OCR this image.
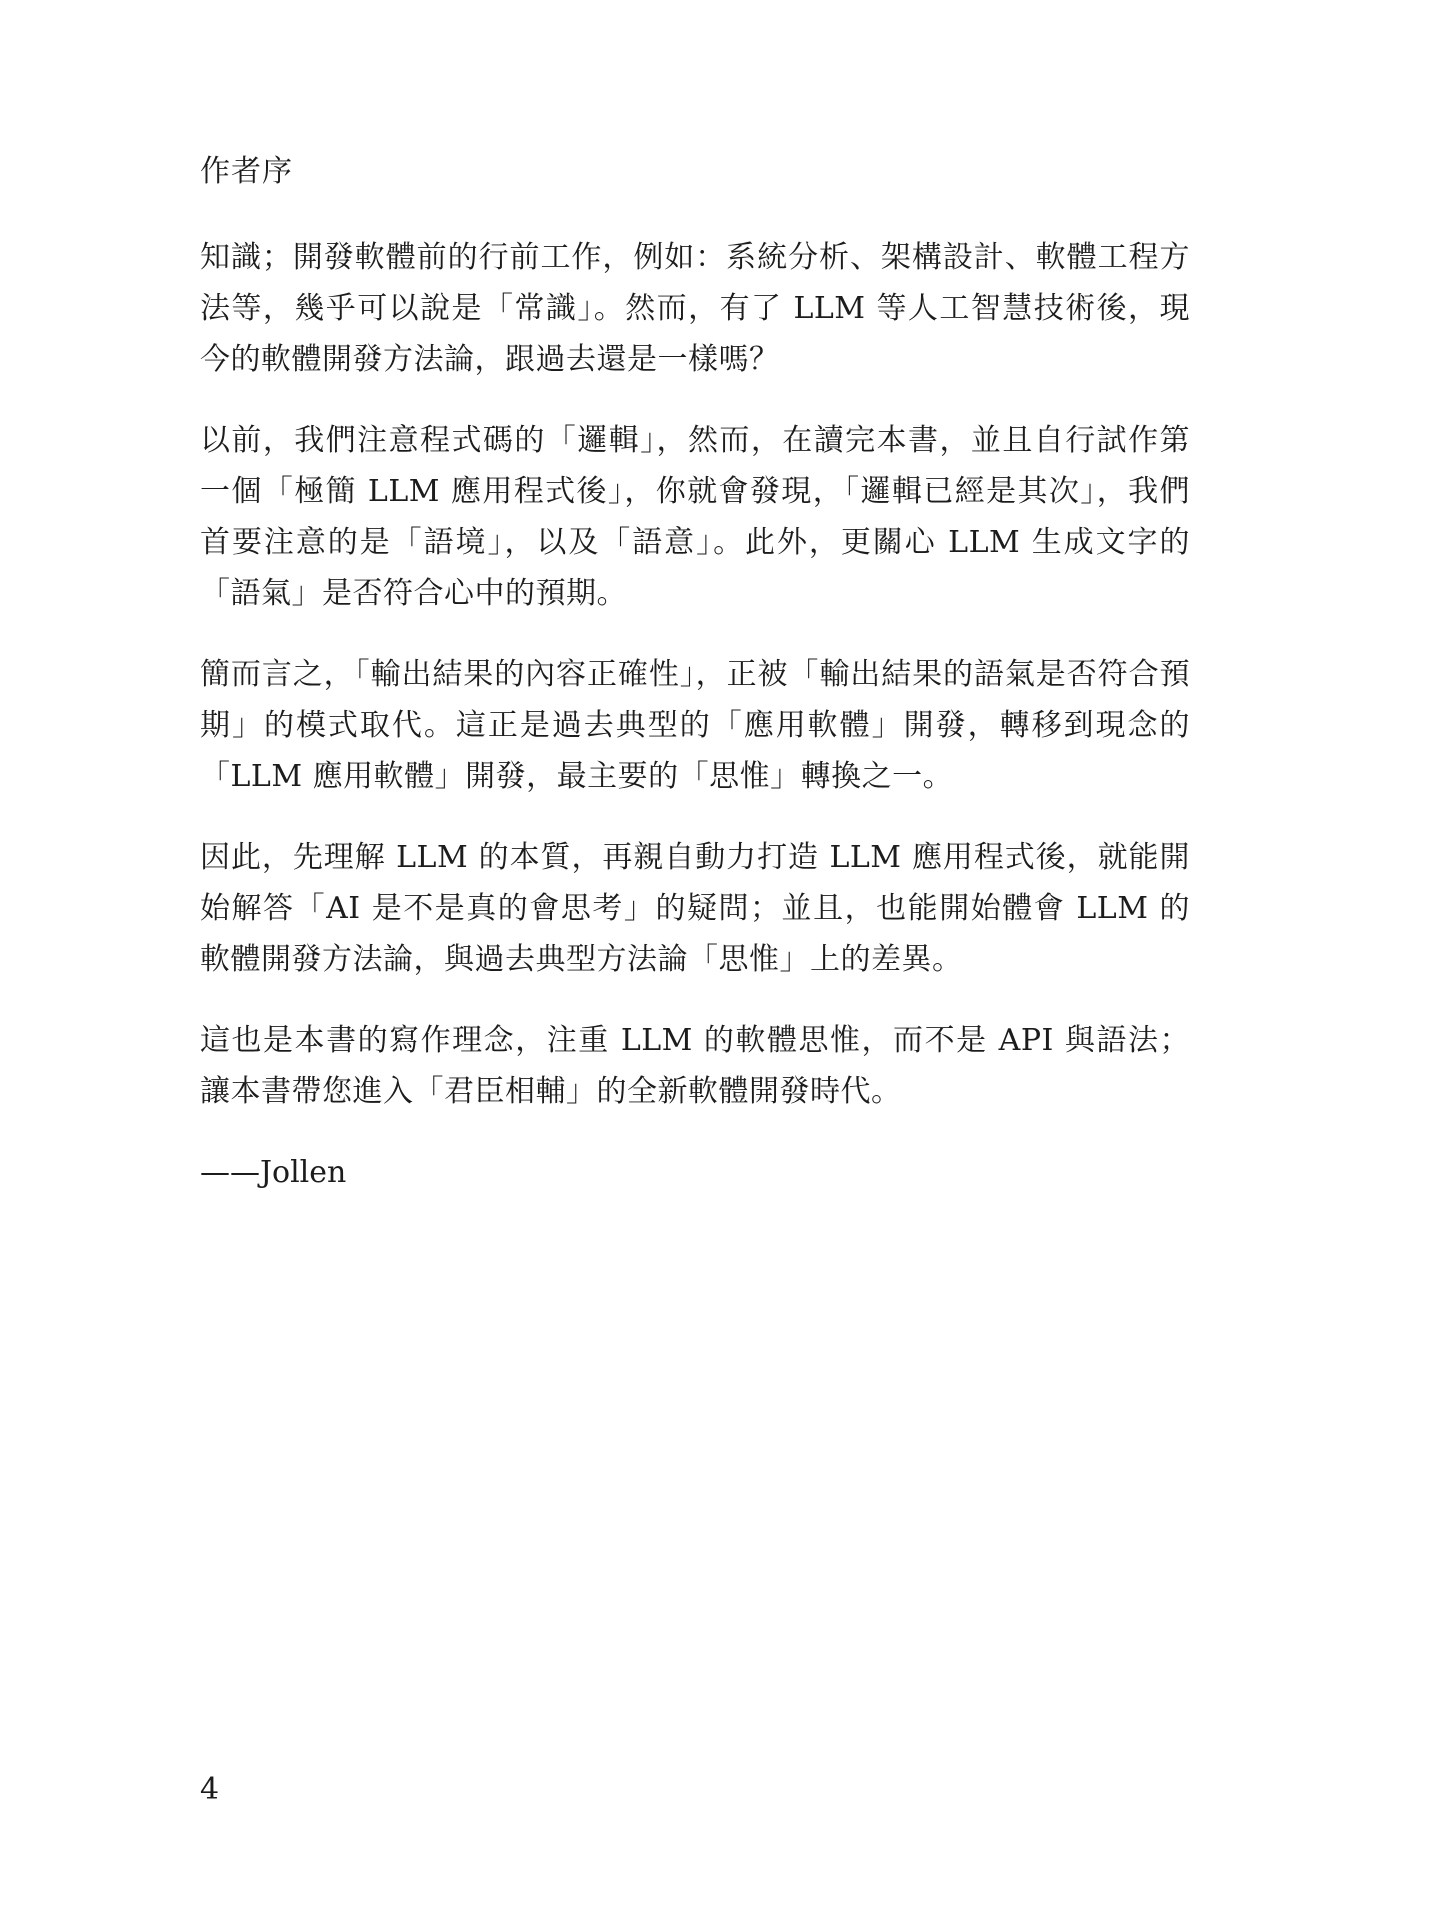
作者序

知識；開發軟體前的行前工作，例如：系統分析、架構設計、軟體工程方法等，幾乎可以說是「常識」。然而，有了 LLM 等人工智慧技術後，現今的軟體開發方法論，跟過去還是一樣嗎？

以前，我們注意程式碼的「邏輯」，然而，在讀完本書，並且自行試作第一個「極簡 LLM 應用程式後」，你就會發現，「邏輯已經是其次」，我們首要注意的是「語境」，以及「語意」。此外，更關心 LLM 生成文字的「語氣」是否符合心中的預期。

簡而言之，「輸出結果的內容正確性」，正被「輸出結果的語氣是否符合預期」的模式取代。這正是過去典型的「應用軟體」開發，轉移到現念的「LLM 應用軟體」開發，最主要的「思惟」轉換之一。

因此，先理解 LLM 的本質，再親自動力打造 LLM 應用程式後，就能開始解答「AI 是不是真的會思考」的疑問；並且，也能開始體會 LLM 的軟體開發方法論，與過去典型方法論「思惟」上的差異。

這也是本書的寫作理念，注重 LLM 的軟體思惟，而不是 API 與語法；讓本書帶您進入「君臣相輔」的全新軟體開發時代。

——Jollen

4
